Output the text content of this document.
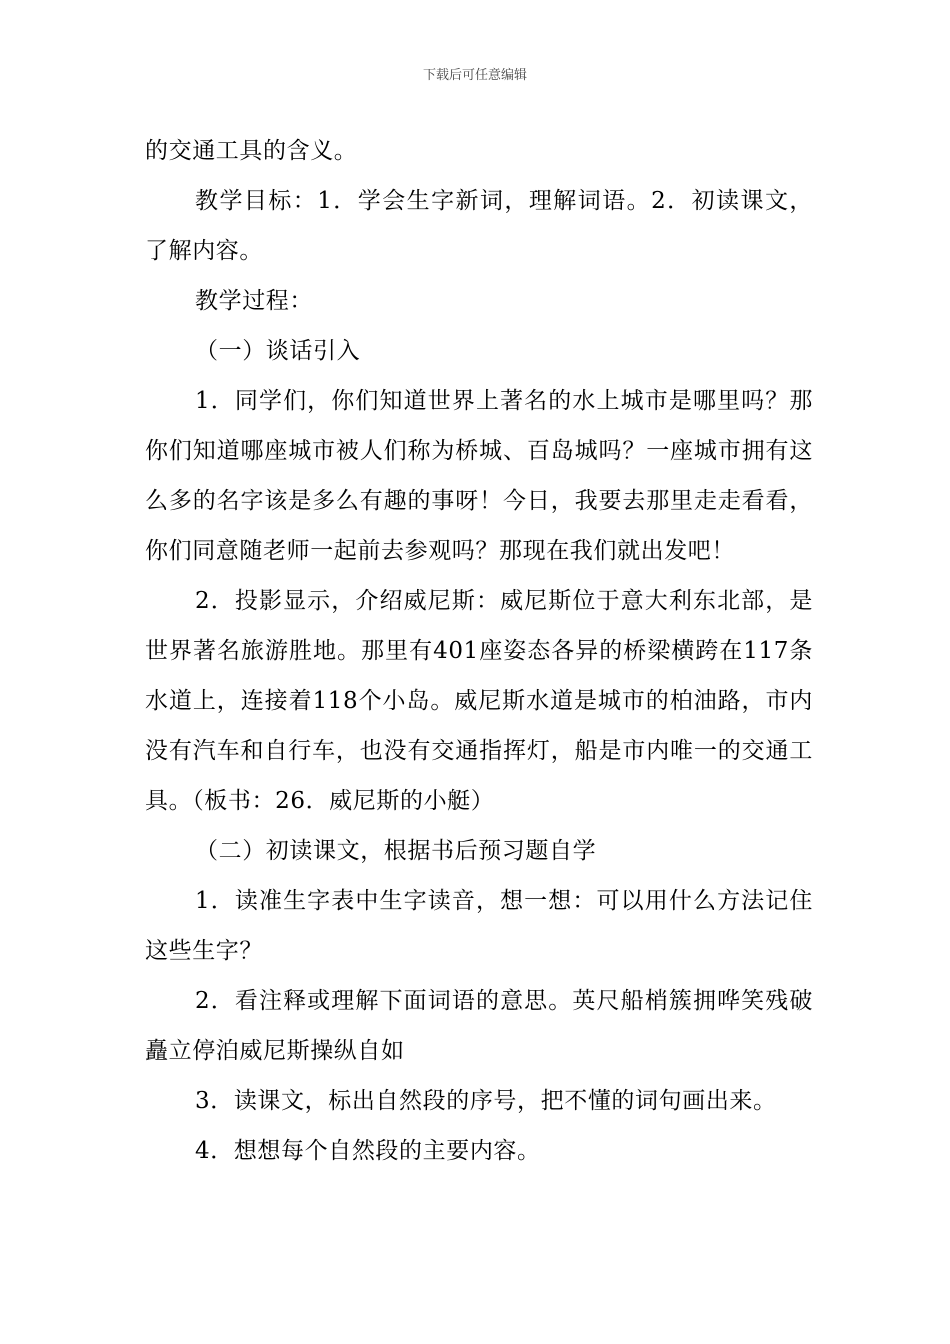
下载后可任意编辑

的交通工具的含义。

教学目标：1．学会生字新词，理解词语。2．初读课文，了解内容。

教学过程：

（一）谈话引入

1．同学们，你们知道世界上著名的水上城市是哪里吗？那你们知道哪座城市被人们称为桥城、百岛城吗？一座城市拥有这么多的名字该是多么有趣的事呀！今日，我要去那里走走看看，你们同意随老师一起前去参观吗？那现在我们就出发吧！

2．投影显示，介绍威尼斯：威尼斯位于意大利东北部，是世界著名旅游胜地。那里有401座姿态各异的桥梁横跨在117条水道上，连接着118个小岛。威尼斯水道是城市的柏油路，市内没有汽车和自行车，也没有交通指挥灯，船是市内唯一的交通工具。（板书：26．威尼斯的小艇）

（二）初读课文，根据书后预习题自学

1．读准生字表中生字读音，想一想：可以用什么方法记住这些生字？

2．看注释或理解下面词语的意思。英尺船梢簇拥哗笑残破矗立停泊威尼斯操纵自如

3．读课文，标出自然段的序号，把不懂的词句画出来。

4．想想每个自然段的主要内容。
